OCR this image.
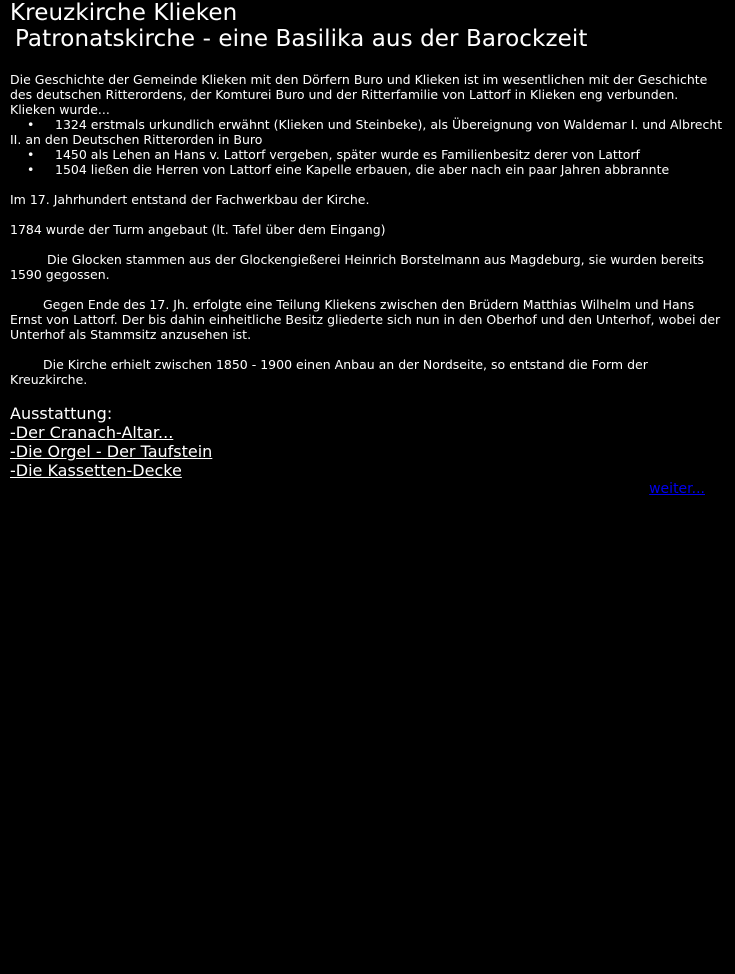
Kreuzkirche Klieken
Patronatskirche - eine Basilika aus der Barockzeit

Die Geschichte der Gemeinde Klieken mit den Dörfern Buro und Klieken ist im wesentlichen mit der Geschichte des deutschen Ritterordens, der Komturei Buro und der Ritterfamilie von Lattorf in Klieken eng verbunden.

Klieken wurde...

• 1324 erstmals urkundlich erwähnt (Klieken und Steinbeke), als Übereignung von Waldemar I. und Albrecht II. an den Deutschen Ritterorden in Buro
• 1450 als Lehen an Hans v. Lattorf vergeben, später wurde es Familienbesitz derer von Lattorf
• 1504 ließen die Herren von Lattorf eine Kapelle erbauen, die aber nach ein paar Jahren abbrannte

Im 17. Jahrhundert entstand der Fachwerkbau der Kirche.

1784 wurde der Turm angebaut (lt. Tafel über dem Eingang)

Die Glocken stammen aus der Glockengießerei Heinrich Borstelmann aus Magdeburg, sie wurden bereits 1590 gegossen.

Gegen Ende des 17. Jh. erfolgte eine Teilung Kliekens zwischen den Brüdern Matthias Wilhelm und Hans Ernst von Lattorf. Der bis dahin einheitliche Besitz gliederte sich nun in den Oberhof und den Unterhof, wobei der Unterhof als Stammsitz anzusehen ist.

Die Kirche erhielt zwischen 1850 - 1900 einen Anbau an der Nordseite, so entstand die Form der Kreuzkirche.

Ausstattung:
-Der Cranach-Altar...
-Die Orgel - Der Taufstein
-Die Kassetten-Decke
weiter...
